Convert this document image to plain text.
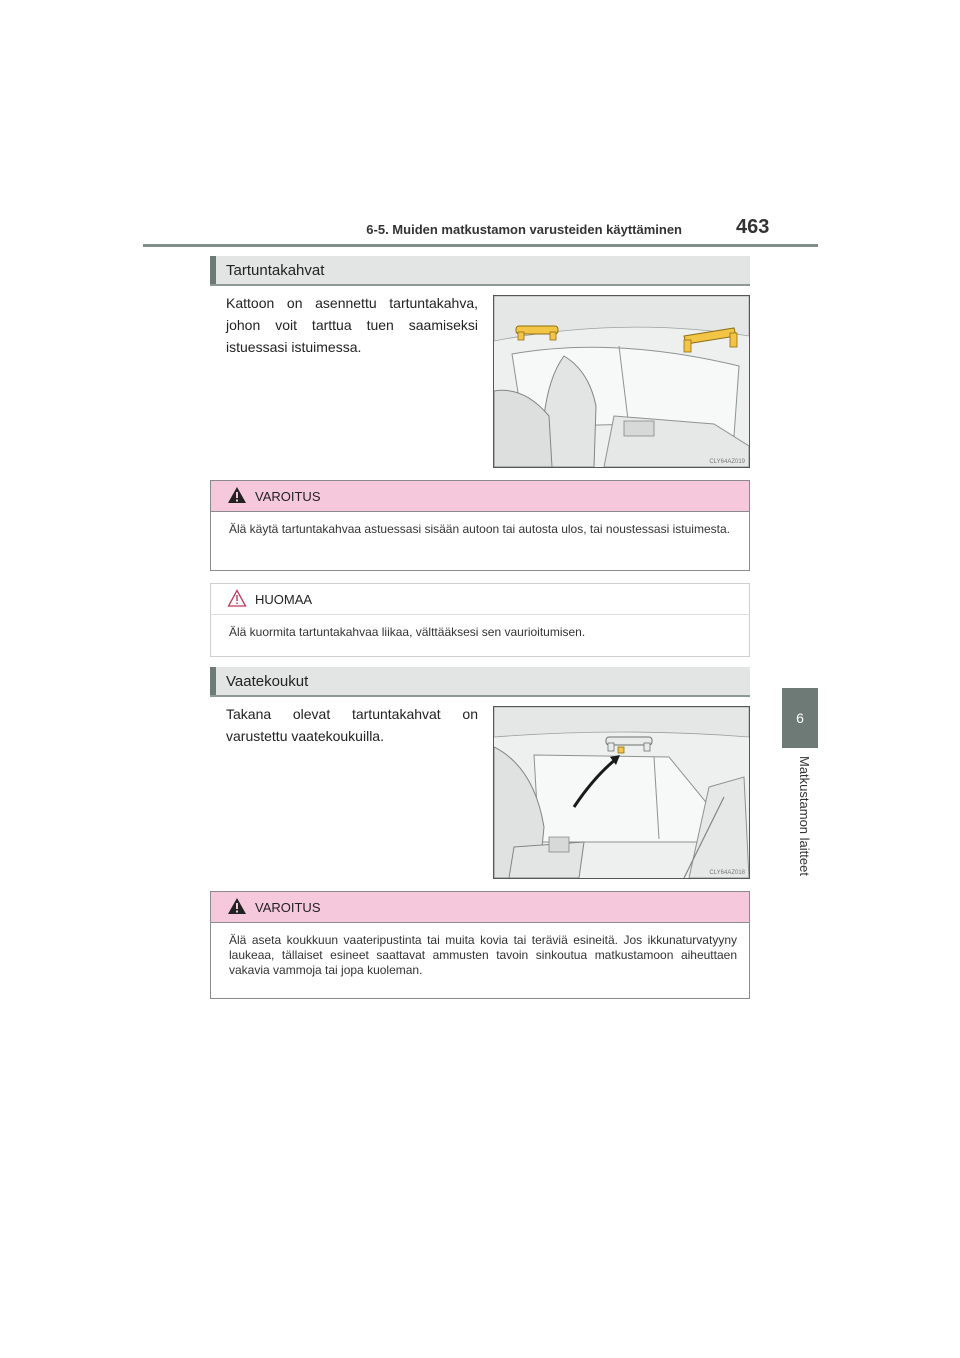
6-5. Muiden matkustamon varusteiden käyttäminen	463
6
Matkustamon laitteet
Tartuntakahvat
Kattoon on asennettu tartuntakahva, johon voit tarttua tuen saamiseksi istuessasi istuimessa.
CLY64AZ019
VAROITUS
Älä käytä tartuntakahvaa astuessasi sisään autoon tai autosta ulos, tai noustessasi istuimesta.
HUOMAA
Älä kuormita tartuntakahvaa liikaa, välttääksesi sen vaurioitumisen.
Vaatekoukut
Takana olevat tartuntakahvat on varustettu vaatekoukuilla.
CLY64AZ018
VAROITUS
Älä aseta koukkuun vaateripustinta tai muita kovia tai teräviä esineitä. Jos ikkunaturvatyyny laukeaa, tällaiset esineet saattavat ammusten tavoin sinkoutua matkustamoon aiheuttaen vakavia vammoja tai jopa kuoleman.
